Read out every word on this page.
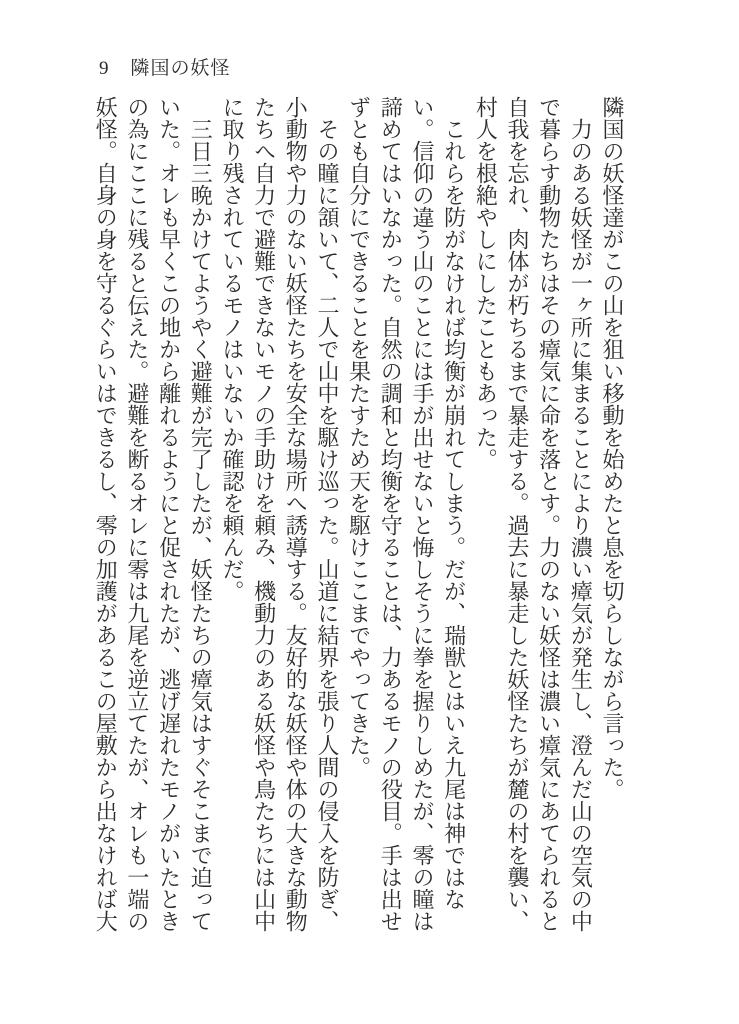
9 隣国の妖怪

隣国の妖怪達がこの山を狙い移動を始めたと息を切らしながら言った。

力のある妖怪が一ヶ所に集まることにより濃い瘴気が発生し、澄んだ山の空気の中で暮らす動物たちはその瘴気に命を落とす。力のない妖怪は濃い瘴気にあてられると自我を忘れ、肉体が朽ちるまで暴走する。過去に暴走した妖怪たちが麓の村を襲い、村人を根絶やしにしたこともあった。

これらを防がなければ均衡が崩れてしまう。だが、瑞獣とはいえ九尾は神ではない。信仰の違う山のことには手が出せないと悔しそうに拳を握りしめたが、零の瞳は諦めてはいなかった。自然の調和と均衡を守ることは、力あるモノの役目。手は出せずとも自分にできることを果たすため天を駆けここまでやってきた。

その瞳に頷いて、二人で山中を駆け巡った。山道に結界を張り人間の侵入を防ぎ、小動物や力のない妖怪たちを安全な場所へ誘導する。友好的な妖怪や体の大きな動物たちへ自力で避難できないモノの手助けを頼み、機動力のある妖怪や鳥たちには山中に取り残されているモノはいないか確認を頼んだ。

三日三晩かけてようやく避難が完了したが、妖怪たちの瘴気はすぐそこまで迫っていた。オレも早くこの地から離れるようにと促されたが、逃げ遅れたモノがいたときの為にここに残ると伝えた。避難を断るオレに零は九尾を逆立てたが、オレも一端の妖怪。自身の身を守るぐらいはできるし、零の加護があるこの屋敷から出なければ大
